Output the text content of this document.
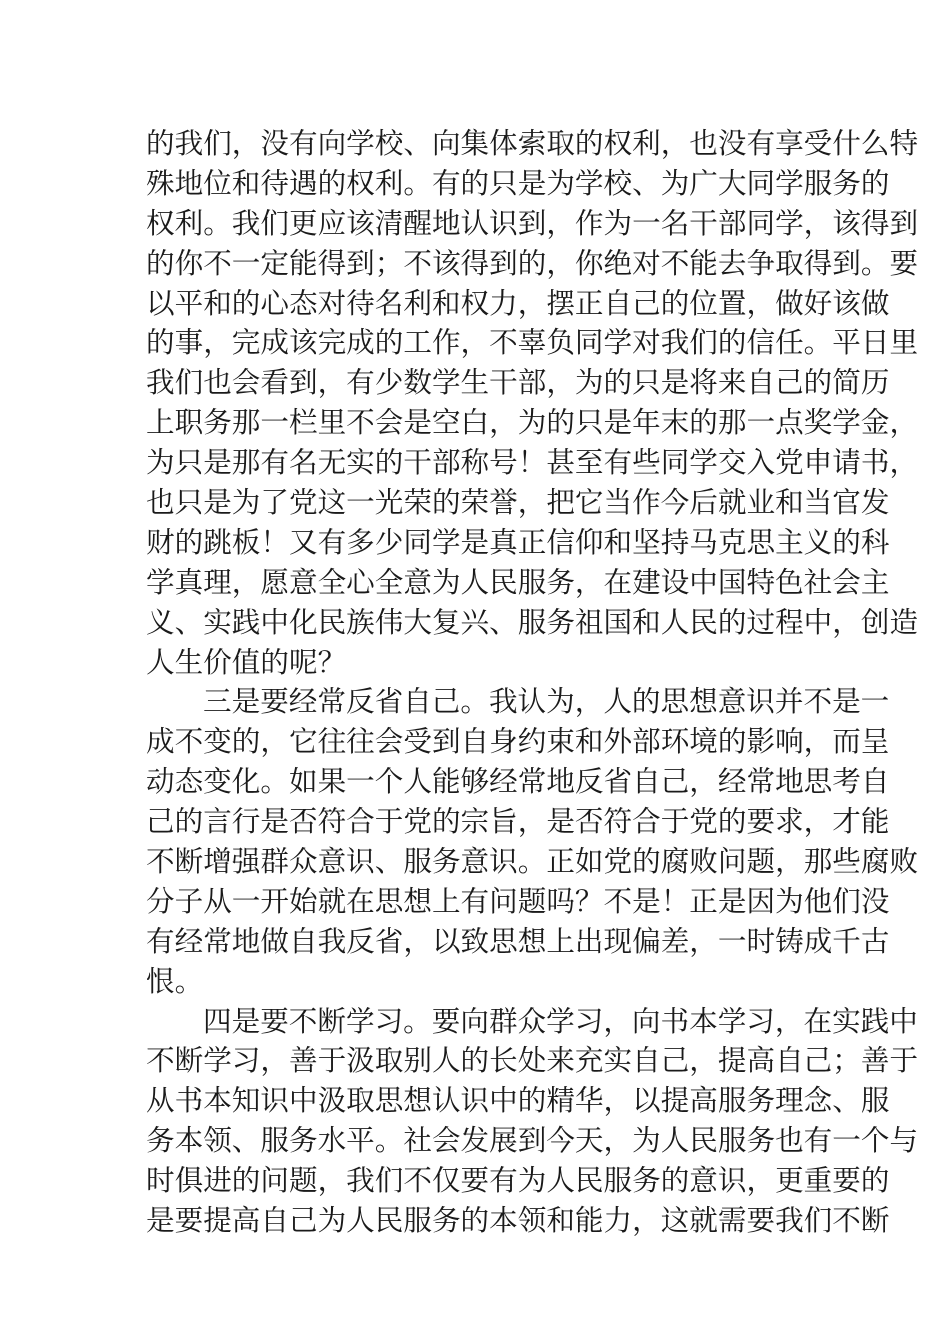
的我们，没有向学校、向集体索取的权利，也没有享受什么特
殊地位和待遇的权利。有的只是为学校、为广大同学服务的
权利。我们更应该清醒地认识到，作为一名干部同学，该得到
的你不一定能得到；不该得到的，你绝对不能去争取得到。要
以平和的心态对待名利和权力，摆正自己的位置，做好该做
的事，完成该完成的工作，不辜负同学对我们的信任。平日里
我们也会看到，有少数学生干部，为的只是将来自己的简历
上职务那一栏里不会是空白，为的只是年末的那一点奖学金，
为只是那有名无实的干部称号！甚至有些同学交入党申请书，
也只是为了党这一光荣的荣誉，把它当作今后就业和当官发
财的跳板！又有多少同学是真正信仰和坚持马克思主义的科
学真理，愿意全心全意为人民服务，在建设中国特色社会主
义、实践中化民族伟大复兴、服务祖国和人民的过程中，创造
人生价值的呢？
三是要经常反省自己。我认为，人的思想意识并不是一
成不变的，它往往会受到自身约束和外部环境的影响，而呈
动态变化。如果一个人能够经常地反省自己，经常地思考自
己的言行是否符合于党的宗旨，是否符合于党的要求，才能
不断增强群众意识、服务意识。正如党的腐败问题，那些腐败
分子从一开始就在思想上有问题吗？不是！正是因为他们没
有经常地做自我反省，以致思想上出现偏差，一时铸成千古
恨。
四是要不断学习。要向群众学习，向书本学习，在实践中
不断学习，善于汲取别人的长处来充实自己，提高自己；善于
从书本知识中汲取思想认识中的精华，以提高服务理念、服
务本领、服务水平。社会发展到今天，为人民服务也有一个与
时俱进的问题，我们不仅要有为人民服务的意识，更重要的
是要提高自己为人民服务的本领和能力，这就需要我们不断
